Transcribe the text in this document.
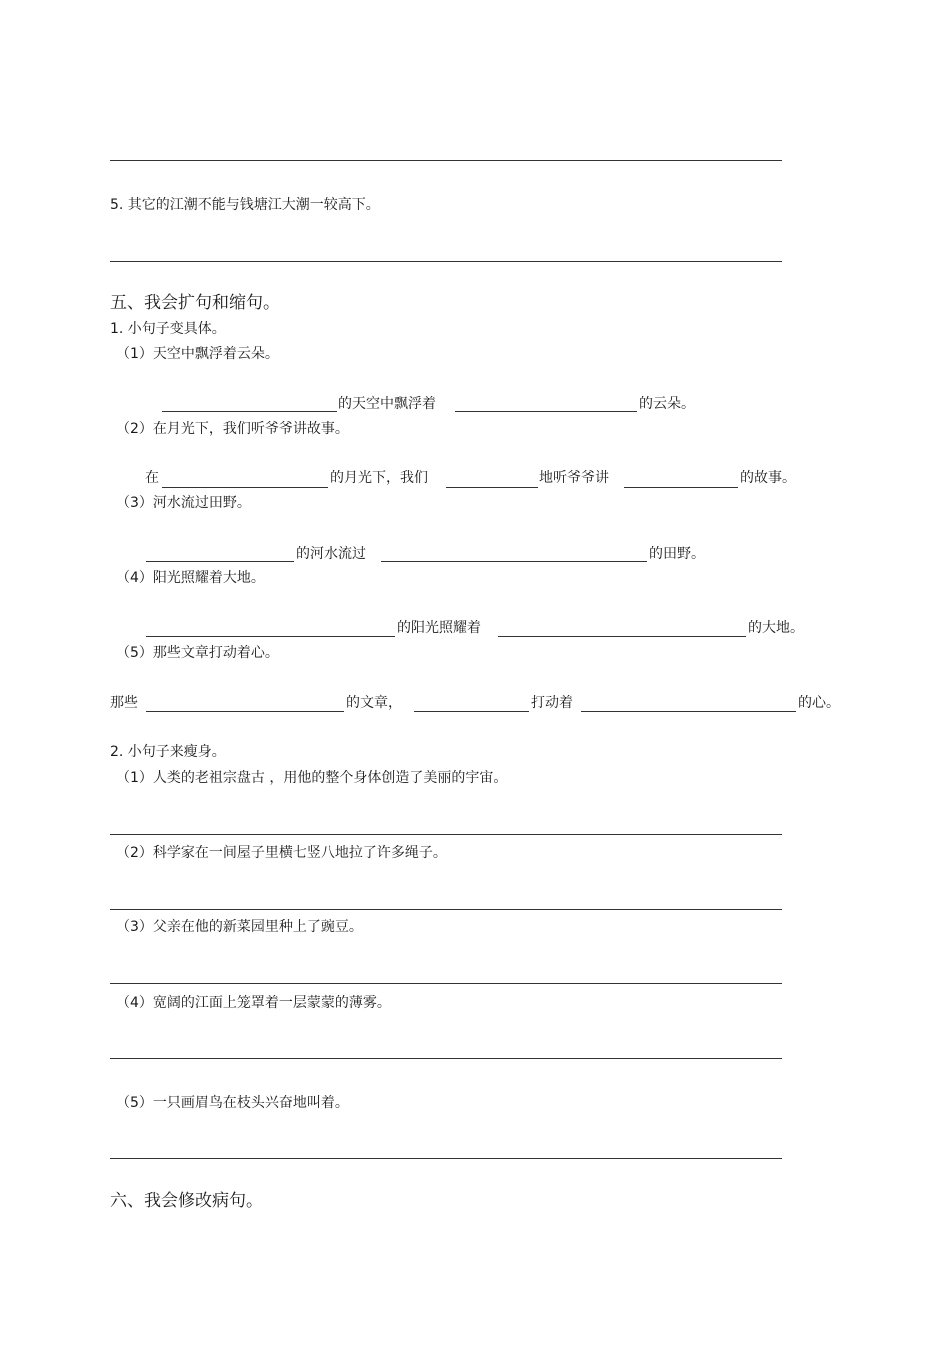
5. 其它的江潮不能与钱塘江大潮一较高下。
五、我会扩句和缩句。
1. 小句子变具体。
（1）天空中飘浮着云朵。
的天空中飘浮着	的云朵。
（2）在月光下，我们听爷爷讲故事。
在	的月光下，我们	地听爷爷讲	的故事。
（3）河水流过田野。
的河水流过	的田野。
（4）阳光照耀着大地。
的阳光照耀着	的大地。
（5）那些文章打动着心。
那些	的文章，	打动着	的心。
2. 小句子来瘦身。
（1）人类的老祖宗盘古 ，用他的整个身体创造了美丽的宇宙。
（2）科学家在一间屋子里横七竖八地拉了许多绳子。
（3）父亲在他的新菜园里种上了豌豆。
（4）宽阔的江面上笼罩着一层蒙蒙的薄雾。
（5）一只画眉鸟在枝头兴奋地叫着。
六、我会修改病句。
